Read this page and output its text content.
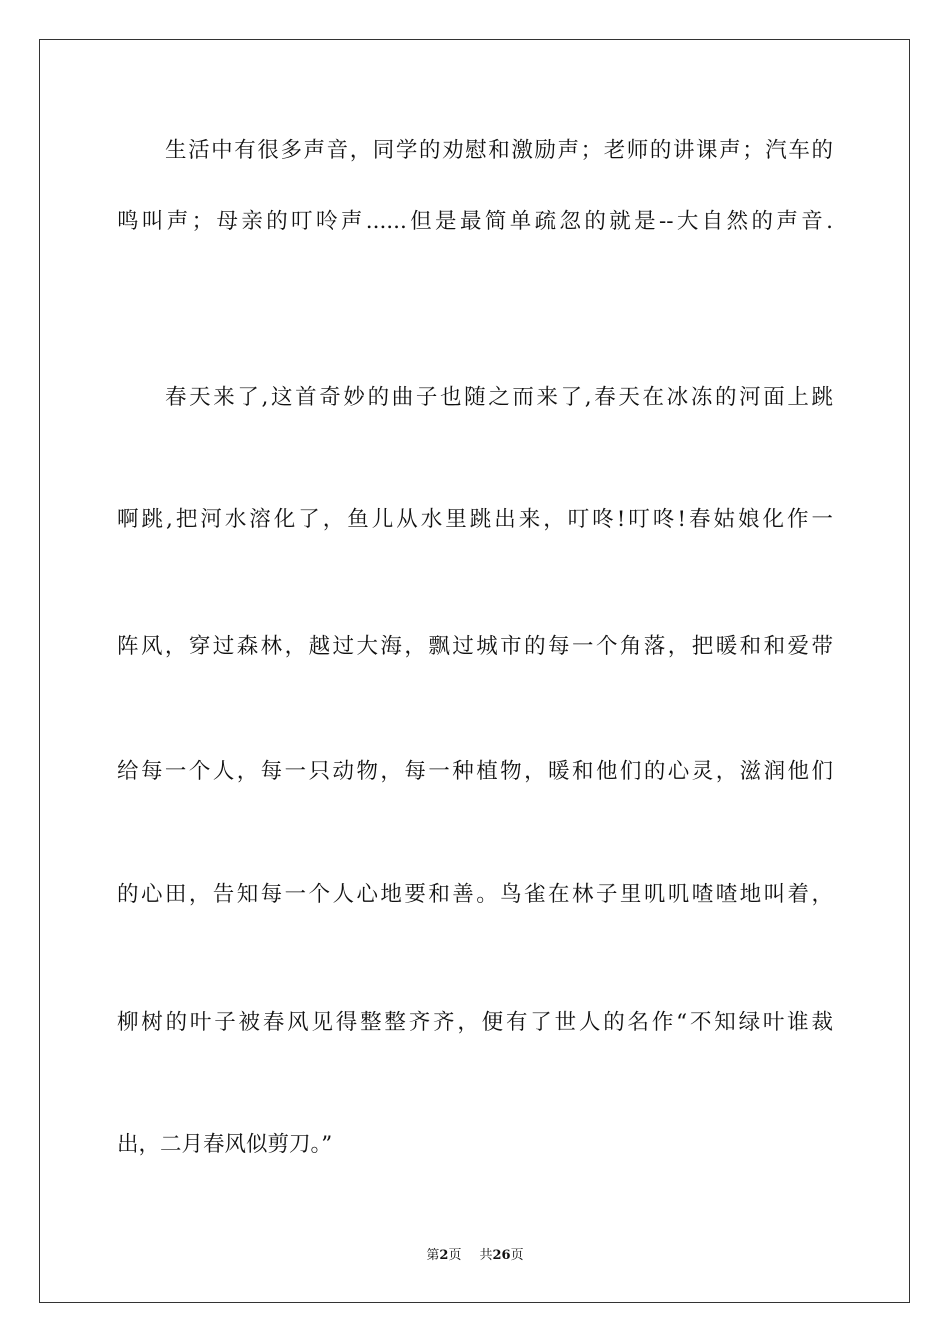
生活中有很多声音，同学的劝慰和激励声；老师的讲课声；汽车的
鸣叫声；母亲的叮呤声......但是最简单疏忽的就是--大自然的声音.
春天来了,这首奇妙的曲子也随之而来了,春天在冰冻的河面上跳
啊跳,把河水溶化了，鱼儿从水里跳出来，叮咚!叮咚!春姑娘化作一
阵风，穿过森林，越过大海，飘过城市的每一个角落，把暖和和爱带
给每一个人，每一只动物，每一种植物，暖和他们的心灵，滋润他们
的心田，告知每一个人心地要和善。鸟雀在林子里叽叽喳喳地叫着，
柳树的叶子被春风见得整整齐齐，便有了世人的名作“不知绿叶谁裁
出，二月春风似剪刀。”
第2页 共26页
